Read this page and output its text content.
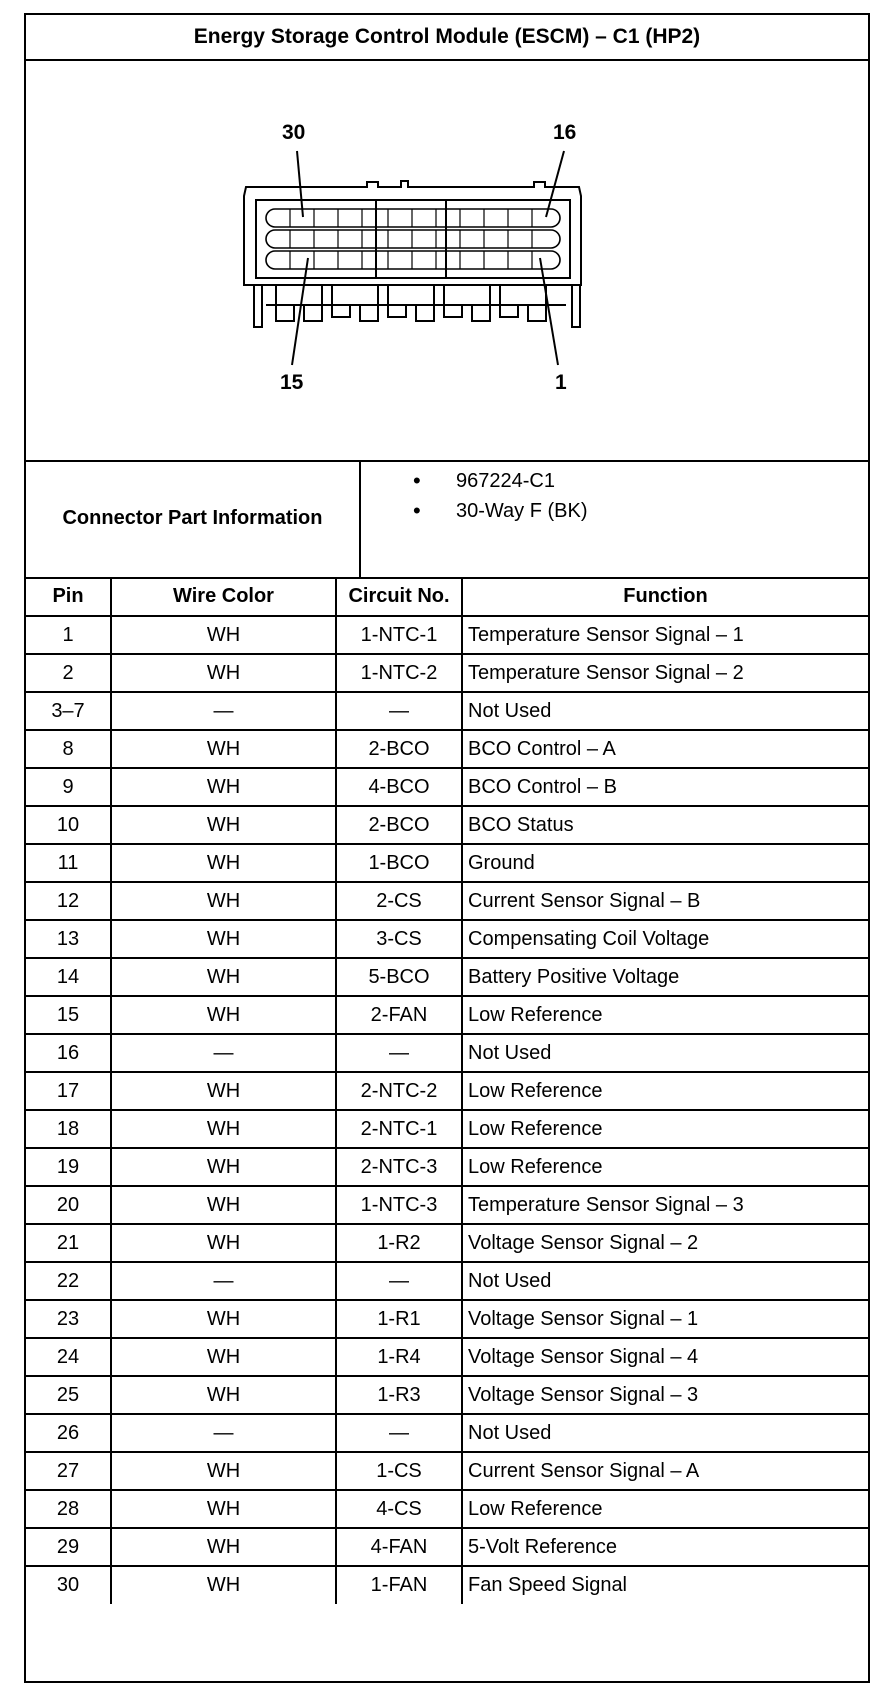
Energy Storage Control Module (ESCM) – C1 (HP2)
30	16
15	1
Connector Part Information
• 967224-C1
• 30-Way F (BK)
Pin	Wire Color	Circuit No.	Function
1	WH	1-NTC-1	Temperature Sensor Signal – 1
2	WH	1-NTC-2	Temperature Sensor Signal – 2
3–7	—	—	Not Used
8	WH	2-BCO	BCO Control – A
9	WH	4-BCO	BCO Control – B
10	WH	2-BCO	BCO Status
11	WH	1-BCO	Ground
12	WH	2-CS	Current Sensor Signal – B
13	WH	3-CS	Compensating Coil Voltage
14	WH	5-BCO	Battery Positive Voltage
15	WH	2-FAN	Low Reference
16	—	—	Not Used
17	WH	2-NTC-2	Low Reference
18	WH	2-NTC-1	Low Reference
19	WH	2-NTC-3	Low Reference
20	WH	1-NTC-3	Temperature Sensor Signal – 3
21	WH	1-R2	Voltage Sensor Signal – 2
22	—	—	Not Used
23	WH	1-R1	Voltage Sensor Signal – 1
24	WH	1-R4	Voltage Sensor Signal – 4
25	WH	1-R3	Voltage Sensor Signal – 3
26	—	—	Not Used
27	WH	1-CS	Current Sensor Signal – A
28	WH	4-CS	Low Reference
29	WH	4-FAN	5-Volt Reference
30	WH	1-FAN	Fan Speed Signal
